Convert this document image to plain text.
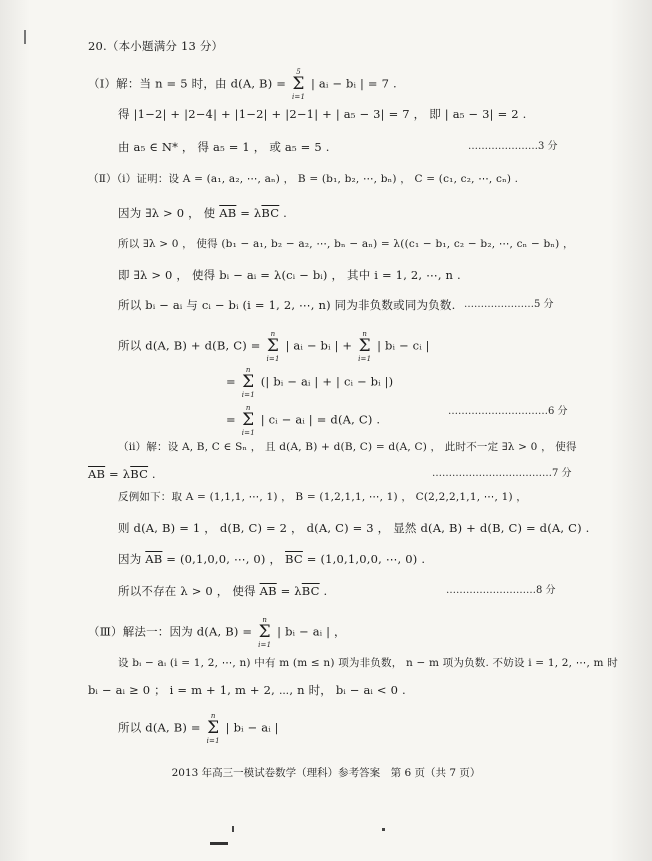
20.（本小题满分 13 分）
（Ⅰ）解：当 n = 5 时，由 d(A, B) =
5
Σ
i=1
| aᵢ − bᵢ | = 7 .
得 |1−2| + |2−4| + |1−2| + |2−1| + | a₅ − 3| = 7 ， 即 | a₅ − 3| = 2 .
由 a₅ ∈ N* ， 得 a₅ = 1 ， 或 a₅ = 5 .	…………………3 分
（Ⅱ）（ⅰ）证明：设 A = (a₁, a₂, ⋯, aₙ) ， B = (b₁, b₂, ⋯, bₙ) ， C = (c₁, c₂, ⋯, cₙ) .
因为 ∃λ > 0 ， 使 $\overline{AB} = \lambda\overline{BC}$ .
所以 ∃λ > 0 ， 使得 (b₁ − a₁, b₂ − a₂, ⋯, bₙ − aₙ) = λ((c₁ − b₁, c₂ − b₂, ⋯, cₙ − bₙ) ，
即 ∃λ > 0 ， 使得 bᵢ − aᵢ = λ(cᵢ − bᵢ) ， 其中 i = 1, 2, ⋯, n .
所以 bᵢ − aᵢ 与 cᵢ − bᵢ (i = 1, 2, ⋯, n) 同为非负数或同为负数. …………………5 分
所以 d(A, B) + d(B, C) =
n
Σ
i=1
| aᵢ − bᵢ | +
n
Σ
i=1
| bᵢ − cᵢ |
=
n
Σ
i=1
(| bᵢ − aᵢ | + | cᵢ − bᵢ |)
=
n
Σ
i=1
| cᵢ − aᵢ | = d(A, C) .
…………………………6 分
（ⅱ）解：设 A, B, C ∈ Sₙ ， 且 d(A, B) + d(B, C) = d(A, C) ， 此时不一定 ∃λ > 0 ， 使得
$\overline{AB} = \lambda\overline{BC}$ .	………………………………7 分
反例如下：取 A = (1,1,1, ⋯, 1) ， B = (1,2,1,1, ⋯, 1) ， C(2,2,2,1,1, ⋯, 1) ，
则 d(A, B) = 1 ， d(B, C) = 2 ， d(A, C) = 3 ， 显然 d(A, B) + d(B, C) = d(A, C) .
因为 $\overline{AB} = (0,1,0,0$, ⋯, 0) ， $\overline{BC} = (1,0,1,0,0$, ⋯, 0) .
所以不存在 λ > 0 ， 使得 $\overline{AB} = \lambda\overline{BC}$ .	………………………8 分
（Ⅲ）解法一：因为 d(A, B) =
n
Σ
i=1
| bᵢ − aᵢ | ，
设 bᵢ − aᵢ (i = 1, 2, ⋯, n) 中有 m (m ≤ n) 项为非负数， n − m 项为负数. 不妨设 i = 1, 2, ⋯, m 时
bᵢ − aᵢ ≥ 0 ； i = m + 1, m + 2, ⋯, n 时， bᵢ − aᵢ < 0 .
所以 d(A, B) =
n
Σ
i=1
| bᵢ − aᵢ |
2013 年高三一模试卷数学（理科）参考答案　第 6 页（共 7 页）
